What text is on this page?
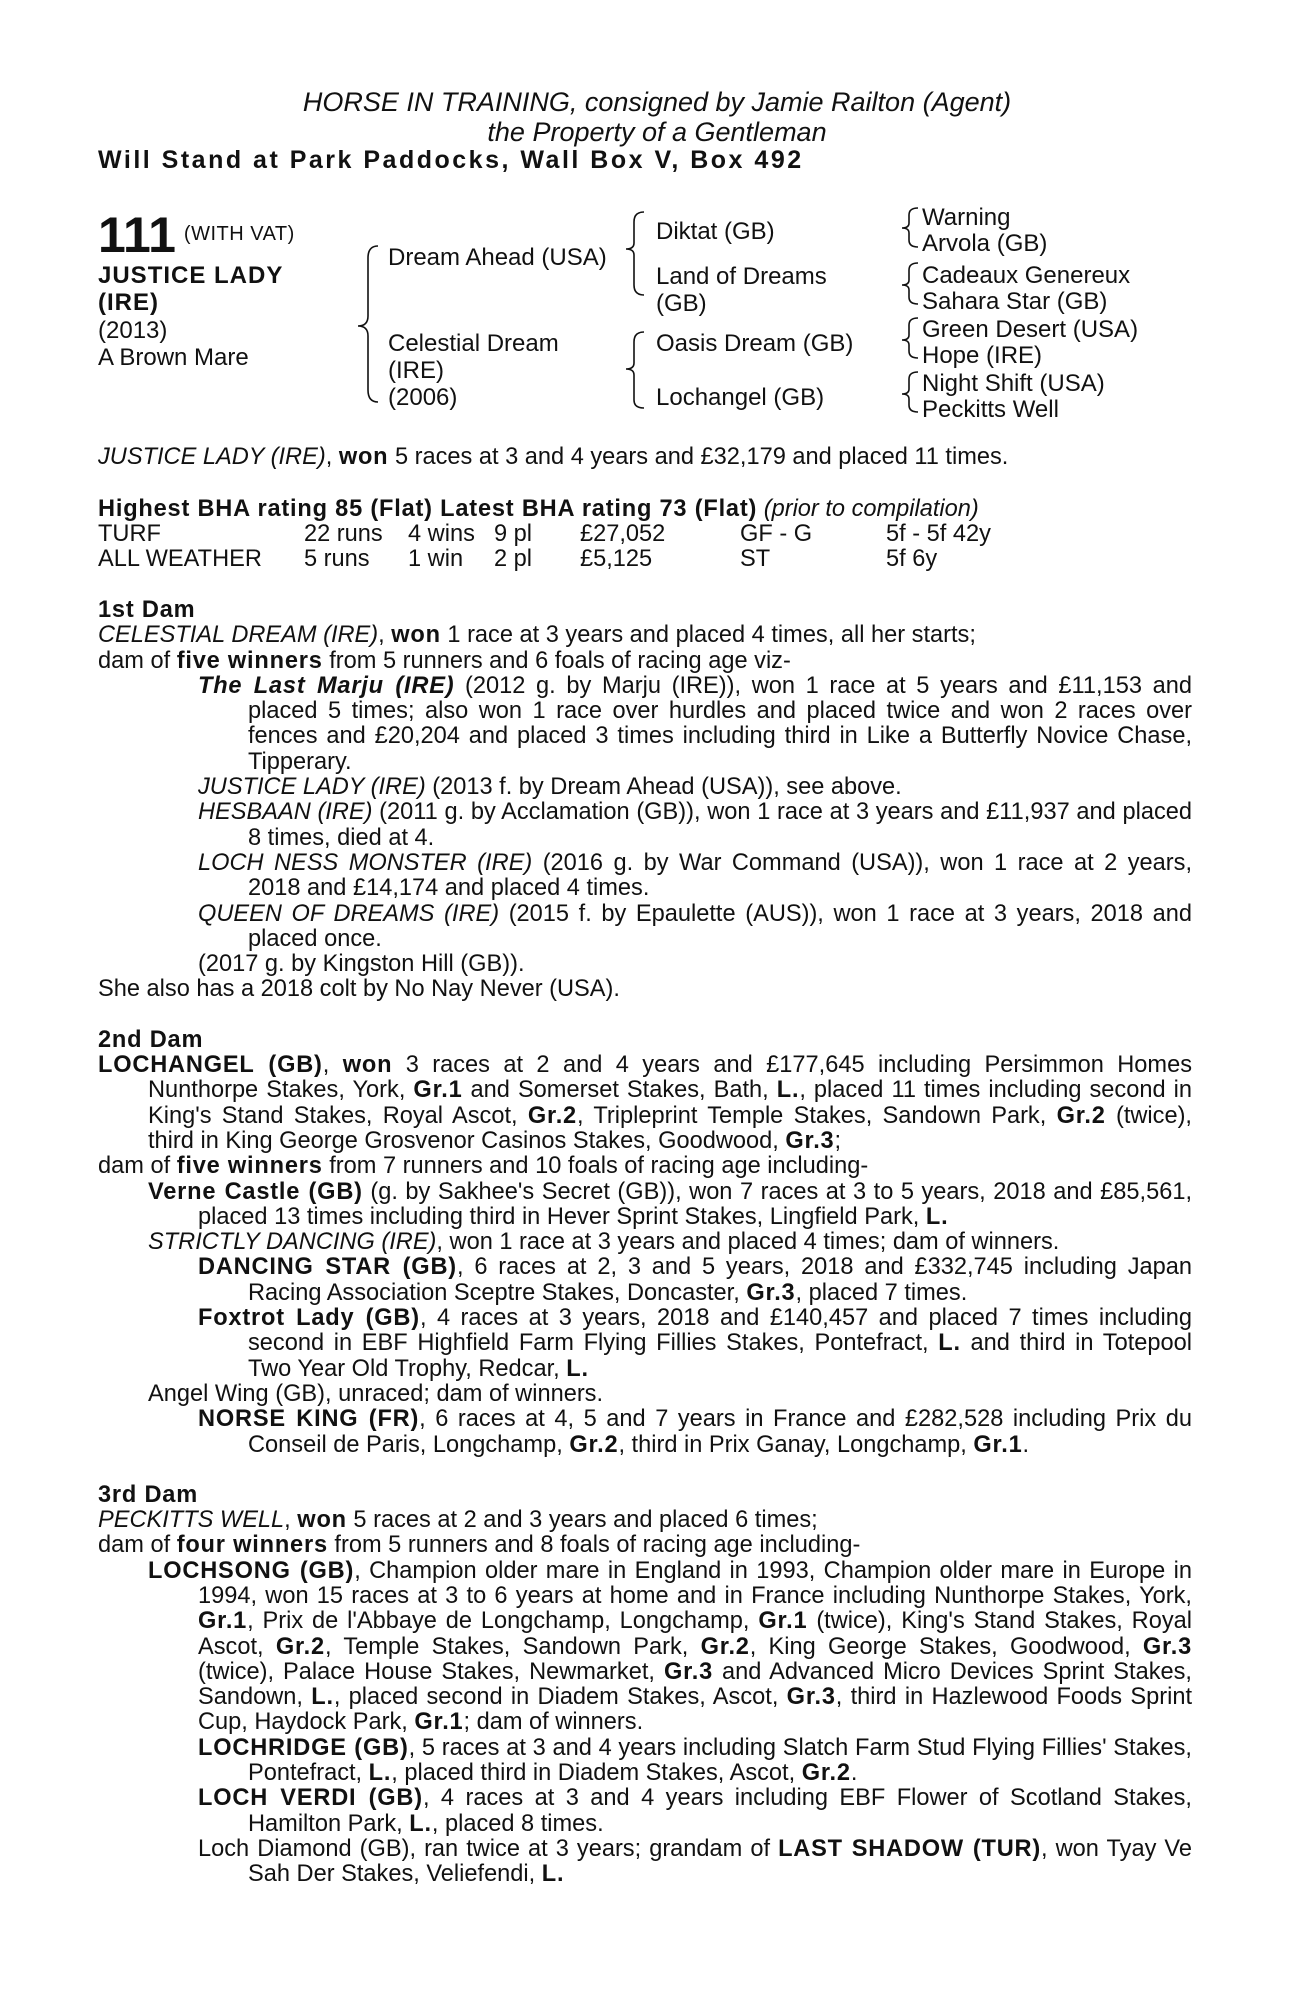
HORSE IN TRAINING, consigned by Jamie Railton (Agent)
the Property of a Gentleman
Will Stand at Park Paddocks, Wall Box V, Box 492
111 $^{(WITH VAT)}$
JUSTICE LADY
(IRE)
(2013)
A Brown Mare
Dream Ahead (USA)
Celestial Dream
(IRE)
(2006)
Diktat (GB)
Land of Dreams
(GB)
Oasis Dream (GB)
Lochangel (GB)
Warning
Arvola (GB)
Cadeaux Genereux
Sahara Star (GB)
Green Desert (USA)
Hope (IRE)
Night Shift (USA)
Peckitts Well

JUSTICE LADY (IRE), won 5 races at 3 and 4 years and £32,179 and placed 11 times.

Highest BHA rating 85 (Flat) Latest BHA rating 73 (Flat) (prior to compilation)
TURF	22 runs 4 wins 9 pl £27,052	GF - G	5f - 5f 42y
ALL WEATHER 5 runs 1 win 2 pl £5,125	ST	5f 6y

1st Dam

CELESTIAL DREAM (IRE), won 1 race at 3 years and placed 4 times, all her starts;

dam of five winners from 5 runners and 6 foals of racing age viz-

The Last Marju (IRE) (2012 g. by Marju (IRE)), won 1 race at 5 years and £11,153 and placed 5 times; also won 1 race over hurdles and placed twice and won 2 races over fences and £20,204 and placed 3 times including third in Like a Butterfly Novice Chase, Tipperary.

JUSTICE LADY (IRE) (2013 f. by Dream Ahead (USA)), see above.

HESBAAN (IRE) (2011 g. by Acclamation (GB)), won 1 race at 3 years and £11,937 and placed 8 times, died at 4.

LOCH NESS MONSTER (IRE) (2016 g. by War Command (USA)), won 1 race at 2 years, 2018 and £14,174 and placed 4 times.

QUEEN OF DREAMS (IRE) (2015 f. by Epaulette (AUS)), won 1 race at 3 years, 2018 and placed once.

(2017 g. by Kingston Hill (GB)).

She also has a 2018 colt by No Nay Never (USA).

2nd Dam

LOCHANGEL (GB), won 3 races at 2 and 4 years and £177,645 including Persimmon Homes Nunthorpe Stakes, York, Gr.1 and Somerset Stakes, Bath, L., placed 11 times including second in King's Stand Stakes, Royal Ascot, Gr.2, Tripleprint Temple Stakes, Sandown Park, Gr.2 (twice), third in King George Grosvenor Casinos Stakes, Goodwood, Gr.3;

dam of five winners from 7 runners and 10 foals of racing age including-

Verne Castle (GB) (g. by Sakhee's Secret (GB)), won 7 races at 3 to 5 years, 2018 and £85,561, placed 13 times including third in Hever Sprint Stakes, Lingfield Park, L.

STRICTLY DANCING (IRE), won 1 race at 3 years and placed 4 times; dam of winners.

DANCING STAR (GB), 6 races at 2, 3 and 5 years, 2018 and £332,745 including Japan Racing Association Sceptre Stakes, Doncaster, Gr.3, placed 7 times.

Foxtrot Lady (GB), 4 races at 3 years, 2018 and £140,457 and placed 7 times including second in EBF Highfield Farm Flying Fillies Stakes, Pontefract, L. and third in Totepool Two Year Old Trophy, Redcar, L.

Angel Wing (GB), unraced; dam of winners.

NORSE KING (FR), 6 races at 4, 5 and 7 years in France and £282,528 including Prix du Conseil de Paris, Longchamp, Gr.2, third in Prix Ganay, Longchamp, Gr.1.

3rd Dam

PECKITTS WELL, won 5 races at 2 and 3 years and placed 6 times;

dam of four winners from 5 runners and 8 foals of racing age including-

LOCHSONG (GB), Champion older mare in England in 1993, Champion older mare in Europe in 1994, won 15 races at 3 to 6 years at home and in France including Nunthorpe Stakes, York, Gr.1, Prix de l'Abbaye de Longchamp, Longchamp, Gr.1 (twice), King's Stand Stakes, Royal Ascot, Gr.2, Temple Stakes, Sandown Park, Gr.2, King George Stakes, Goodwood, Gr.3 (twice), Palace House Stakes, Newmarket, Gr.3 and Advanced Micro Devices Sprint Stakes, Sandown, L., placed second in Diadem Stakes, Ascot, Gr.3, third in Hazlewood Foods Sprint Cup, Haydock Park, Gr.1; dam of winners.

LOCHRIDGE (GB), 5 races at 3 and 4 years including Slatch Farm Stud Flying Fillies' Stakes, Pontefract, L., placed third in Diadem Stakes, Ascot, Gr.2.

LOCH VERDI (GB), 4 races at 3 and 4 years including EBF Flower of Scotland Stakes, Hamilton Park, L., placed 8 times.

Loch Diamond (GB), ran twice at 3 years; grandam of LAST SHADOW (TUR), won Tyay Ve Sah Der Stakes, Veliefendi, L.
